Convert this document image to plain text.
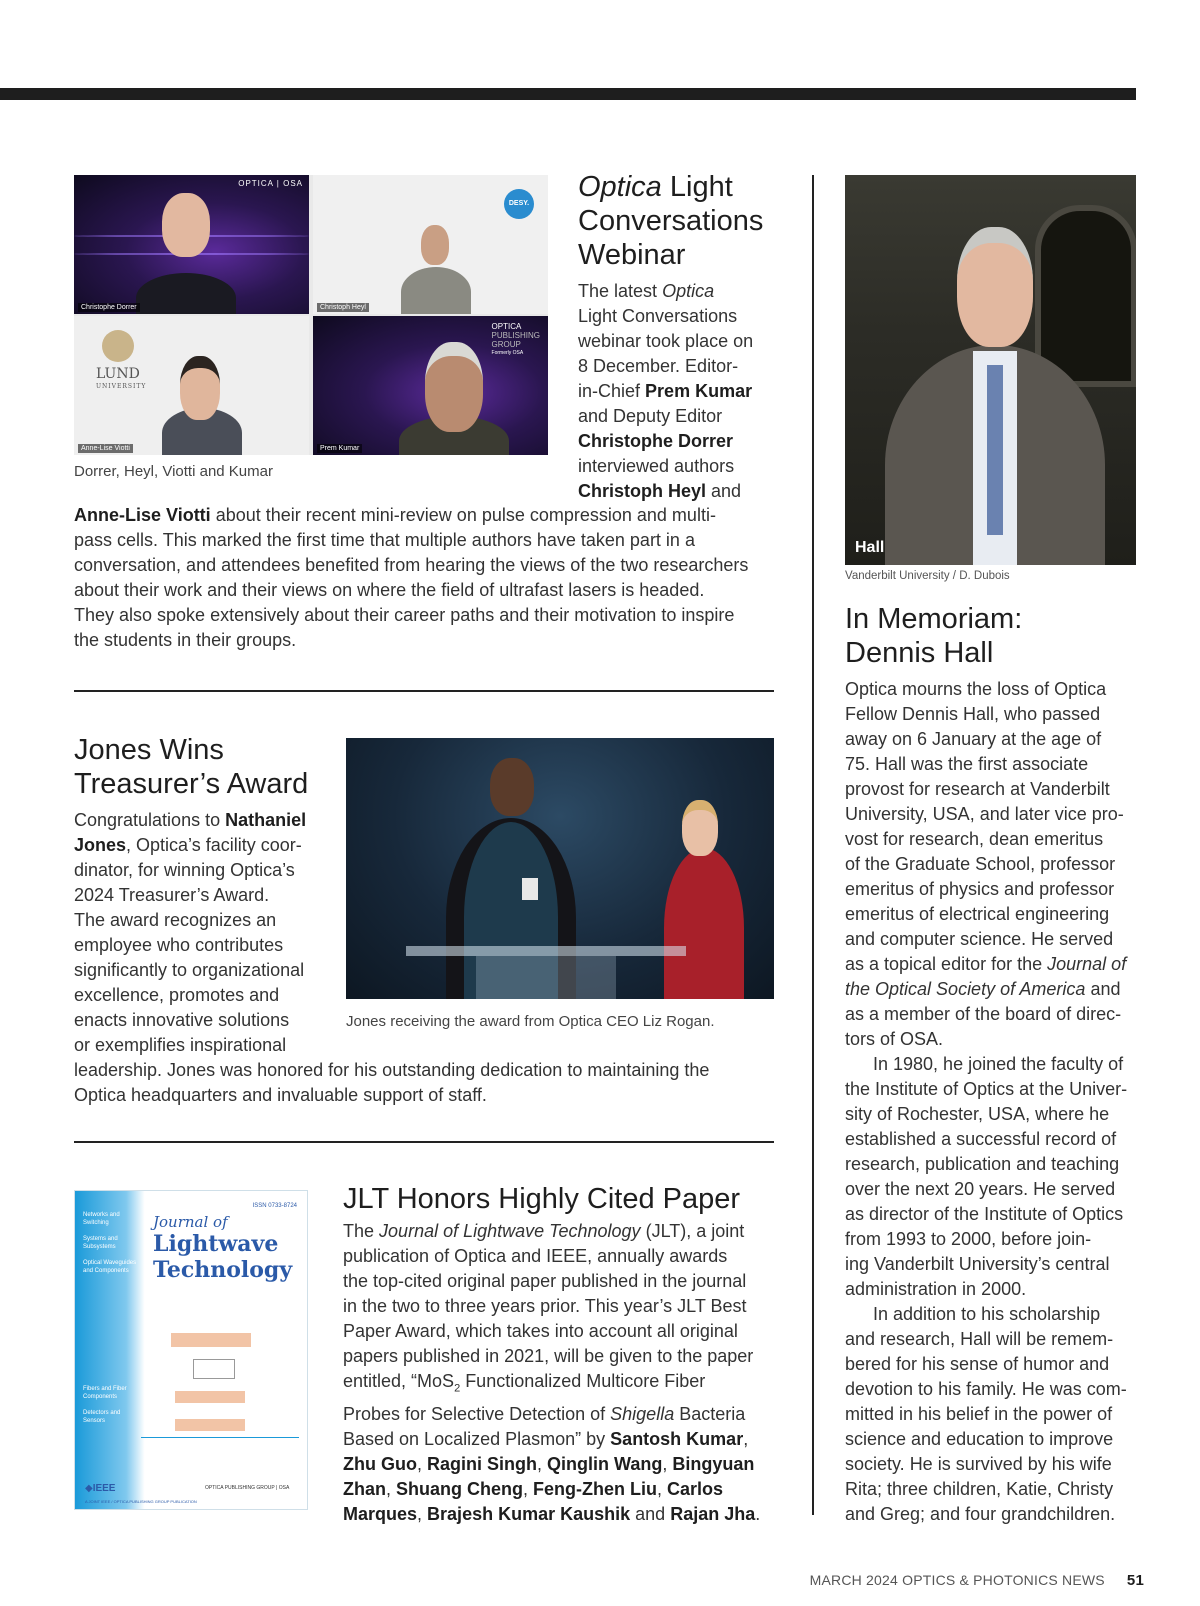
OPTICA | OSA
Christophe Dorrer
DESY.
Christoph Heyl
LUND
UNIVERSITY
Anne-Lise Viotti
OPTICA
PUBLISHING
GROUP
Formerly OSA
Prem Kumar
Dorrer, Heyl, Viotti and Kumar
Optica Light
Conversations
Webinar
The latest Optica
Light Conversations
webinar took place on
8 December. Editor-
in-Chief Prem Kumar
and Deputy Editor
Christophe Dorrer
interviewed authors
Christoph Heyl and
Anne-Lise Viotti about their recent mini-review on pulse compression and multi-
pass cells. This marked the first time that multiple authors have taken part in a
conversation, and attendees benefited from hearing the views of the two researchers
about their work and their views on where the field of ultrafast lasers is headed.
They also spoke extensively about their career paths and their motivation to inspire
the students in their groups.
Jones Wins
Treasurer’s Award
Congratulations to Nathaniel
Jones, Optica’s facility coor-
dinator, for winning Optica’s
2024 Treasurer’s Award.
The award recognizes an
employee who contributes
significantly to organizational
excellence, promotes and
enacts innovative solutions
or exemplifies inspirational
leadership. Jones was honored for his outstanding dedication to maintaining the
Optica headquarters and invaluable support of staff.
Jones receiving the award from Optica CEO Liz Rogan.
ISSN 0733-8724
Networks and Switching
Systems and Subsystems
Optical Waveguides and Components
Fibers and Fiber Components
Detectors and Sensors
Journal of
Lightwave
Technology
◆IEEE	OPTICA PUBLISHING GROUP | OSA
A JOINT IEEE / OPTICA PUBLISHING GROUP PUBLICATION
JLT Honors Highly Cited Paper
The Journal of Lightwave Technology (JLT), a joint
publication of Optica and IEEE, annually awards
the top-cited original paper published in the journal
in the two to three years prior. This year’s JLT Best
Paper Award, which takes into account all original
papers published in 2021, will be given to the paper
entitled, “MoS$_2$ Functionalized Multicore Fiber
Probes for Selective Detection of Shigella Bacteria
Based on Localized Plasmon” by Santosh Kumar,
Zhu Guo, Ragini Singh, Qinglin Wang, Bingyuan
Zhan, Shuang Cheng, Feng-Zhen Liu, Carlos
Marques, Brajesh Kumar Kaushik and Rajan Jha.
Hall
Vanderbilt University / D. Dubois
In Memoriam:
Dennis Hall
Optica mourns the loss of Optica
Fellow Dennis Hall, who passed
away on 6 January at the age of
75. Hall was the first associate
provost for research at Vanderbilt
University, USA, and later vice pro-
vost for research, dean emeritus
of the Graduate School, professor
emeritus of physics and professor
emeritus of electrical engineering
and computer science. He served
as a topical editor for the Journal of
the Optical Society of America and
as a member of the board of direc-
tors of OSA.
In 1980, he joined the faculty of
the Institute of Optics at the Univer-
sity of Rochester, USA, where he
established a successful record of
research, publication and teaching
over the next 20 years. He served
as director of the Institute of Optics
from 1993 to 2000, before join-
ing Vanderbilt University’s central
administration in 2000.
In addition to his scholarship
and research, Hall will be remem-
bered for his sense of humor and
devotion to his family. He was com-
mitted in his belief in the power of
science and education to improve
society. He is survived by his wife
Rita; three children, Katie, Christy
and Greg; and four grandchildren.
MARCH 2024 OPTICS & PHOTONICS NEWS 51
